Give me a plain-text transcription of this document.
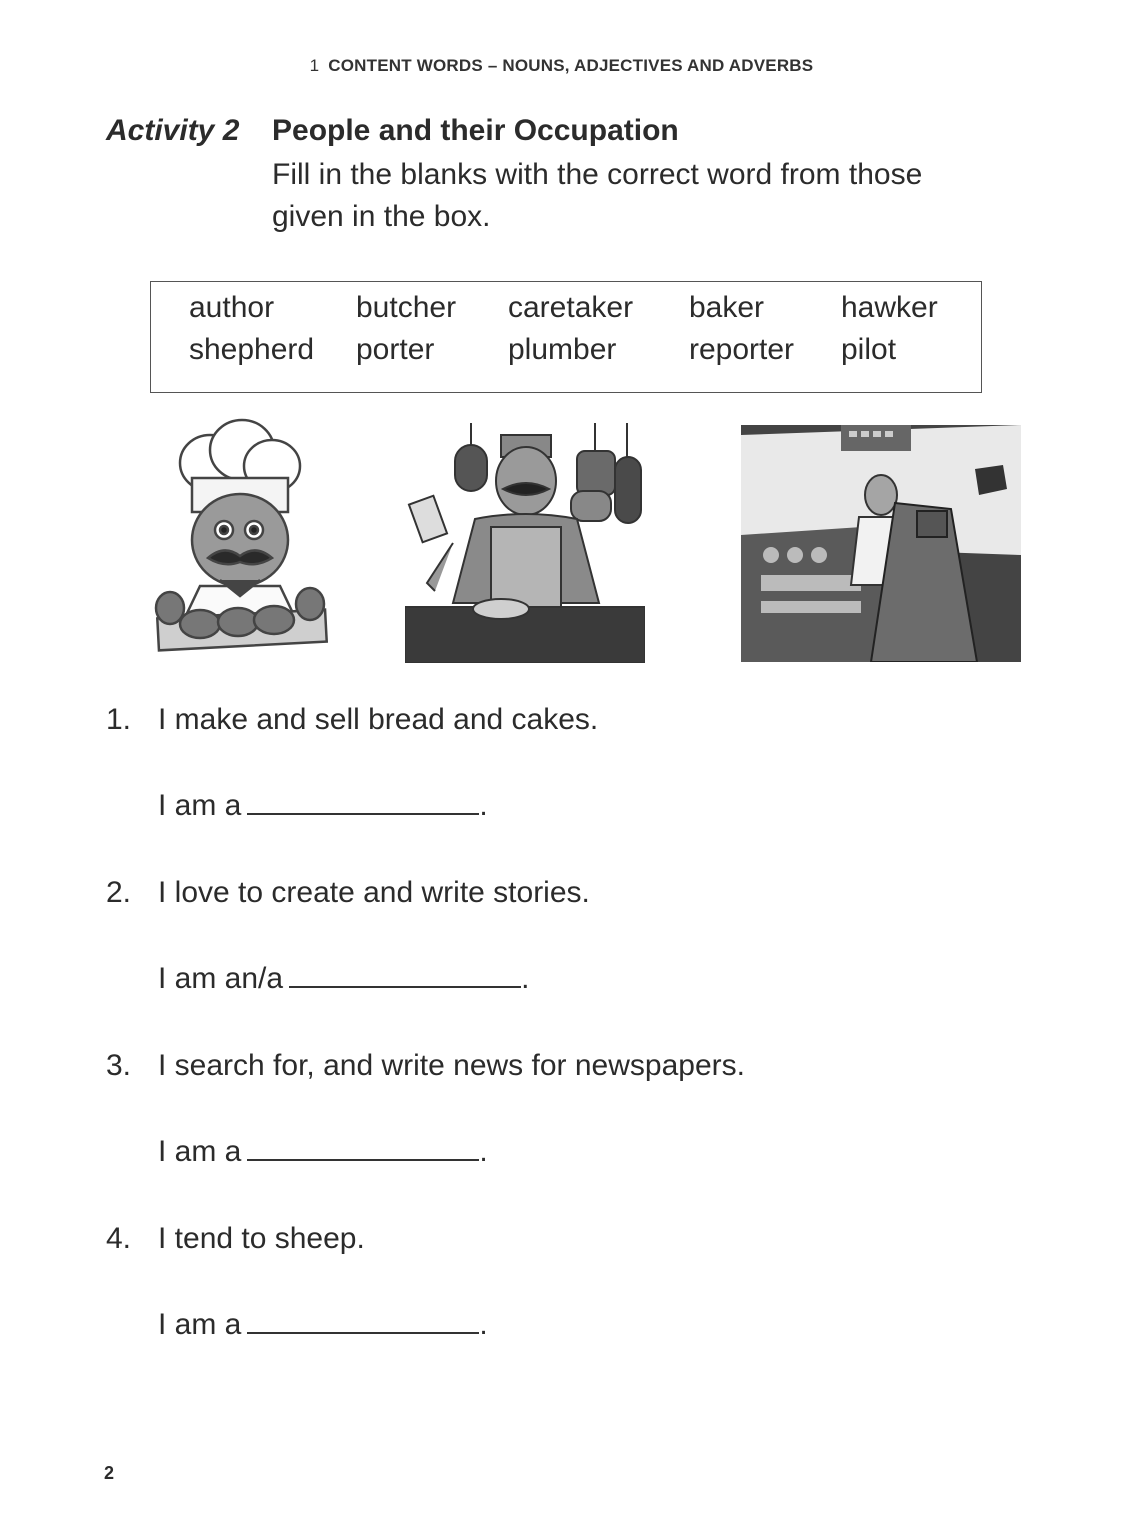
1 CONTENT WORDS – NOUNS, ADJECTIVES AND ADVERBS
Activity 2 People and their Occupation
Fill in the blanks with the correct word from those given in the box.
author	butcher caretaker baker	hawker
shepherd porter plumber reporter pilot
1. I make and sell bread and cakes.
I am a	.
2. I love to create and write stories.
I am an/a	.
3. I search for, and write news for newspapers.
I am a	.
4. I tend to sheep.
I am a	.
2
